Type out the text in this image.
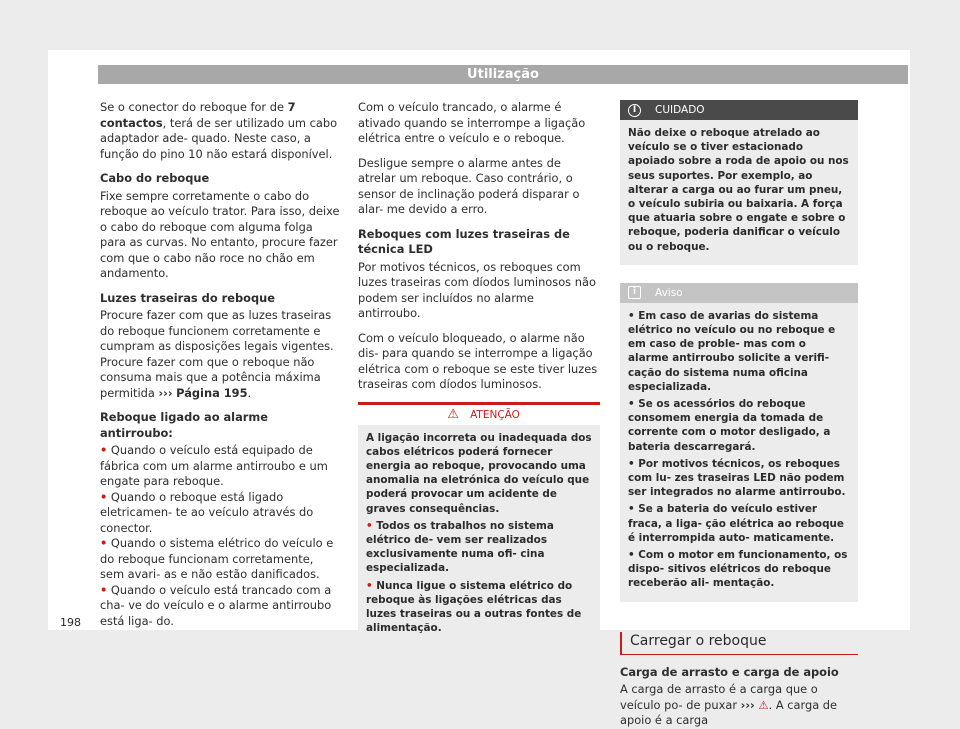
Utilização

Se o conector do reboque for de 7 contactos, terá de ser utilizado um cabo adaptador ade- quado. Neste caso, a função do pino 10 não estará disponível.

Cabo do reboque
Fixe sempre corretamente o cabo do reboque ao veículo trator. Para isso, deixe o cabo do reboque com alguma folga para as curvas. No entanto, procure fazer com que o cabo não roce no chão em andamento.

Luzes traseiras do reboque
Procure fazer com que as luzes traseiras do reboque funcionem corretamente e cumpram as disposições legais vigentes. Procure fazer com que o reboque não consuma mais que a potência máxima permitida ››› Página 195.

Reboque ligado ao alarme antirroubo:
• Quando o veículo está equipado de fábrica com um alarme antirroubo e um engate para reboque.
• Quando o reboque está ligado eletricamen- te ao veículo através do conector.
• Quando o sistema elétrico do veículo e do reboque funcionam corretamente, sem avari- as e não estão danificados.
• Quando o veículo está trancado com a cha- ve do veículo e o alarme antirroubo está liga- do.

Com o veículo trancado, o alarme é ativado quando se interrompe a ligação elétrica entre o veículo e o reboque.

Desligue sempre o alarme antes de atrelar um reboque. Caso contrário, o sensor de inclinação poderá disparar o alar- me devido a erro.

Reboques com luzes traseiras de técnica LED
Por motivos técnicos, os reboques com luzes traseiras com díodos luminosos não podem ser incluídos no alarme antirroubo.

Com o veículo bloqueado, o alarme não dis- para quando se interrompe a ligação elétrica com o reboque se este tiver luzes traseiras com díodos luminosos.

⚠ ATENÇÃO

A ligação incorreta ou inadequada dos cabos elétricos poderá fornecer energia ao reboque, provocando uma anomalia na eletrónica do veículo que poderá provocar um acidente de graves consequências.

• Todos os trabalhos no sistema elétrico de- vem ser realizados exclusivamente numa ofi- cina especializada.

• Nunca ligue o sistema elétrico do reboque às ligações elétricas das luzes traseiras ou a outras fontes de alimentação.

I	CUIDADO

Não deixe o reboque atrelado ao veículo se o tiver estacionado apoiado sobre a roda de apoio ou nos seus suportes. Por exemplo, ao alterar a carga ou ao furar um pneu, o veículo subiria ou baixaria. A força que atuaria sobre o engate e sobre o reboque, poderia danificar o veículo ou o reboque.

i	Aviso

• Em caso de avarias do sistema elétrico no veículo ou no reboque e em caso de proble- mas com o alarme antirroubo solicite a verifi- cação do sistema numa oficina especializada.

• Se os acessórios do reboque consomem energia da tomada de corrente com o motor desligado, a bateria descarregará.

• Por motivos técnicos, os reboques com lu- zes traseiras LED não podem ser integrados no alarme antirroubo.

• Se a bateria do veículo estiver fraca, a liga- ção elétrica ao reboque é interrompida auto- maticamente.

• Com o motor em funcionamento, os dispo- sitivos elétricos do reboque receberão ali- mentação.

Carregar o reboque

Carga de arrasto e carga de apoio
A carga de arrasto é a carga que o veículo po- de puxar ››› ⚠. A carga de apoio é a carga

198
